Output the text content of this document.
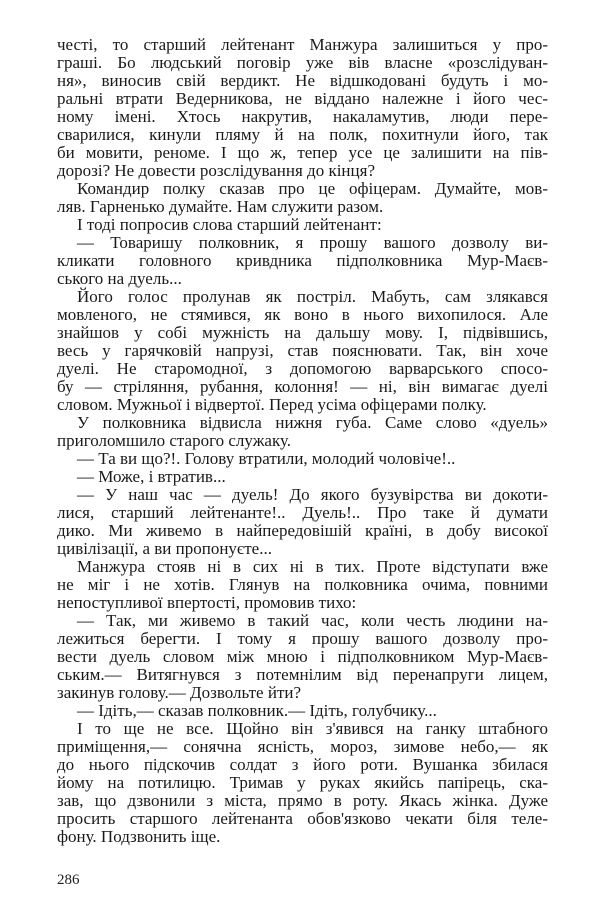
честі, то старший лейтенант Манжура залишиться у про-
граші. Бо людський поговір уже вів власне «розслідуван-
ня», виносив свій вердикт. Не відшкодовані будуть і мо-
ральні втрати Ведерникова, не віддано належне і його чес-
ному імені. Хтось накрутив, накаламутив, люди пере-
сварилися, кинули пляму й на полк, похитнули його, так
би мовити, реноме. І що ж, тепер усе це залишити на пів-
дорозі? Не довести розслідування до кінця?
Командир полку сказав про це офіцерам. Думайте, мов-
ляв. Гарненько думайте. Нам служити разом.
І тоді попросив слова старший лейтенант:
— Товаришу полковник, я прошу вашого дозволу ви-
кликати головного кривдника підполковника Мур-Маєв-
ського на дуель...
Його голос пролунав як постріл. Мабуть, сам злякався
мовленого, не стямився, як воно в нього вихопилося. Але
знайшов у собі мужність на дальшу мову. І, підвівшись,
весь у гарячковій напрузі, став пояснювати. Так, він хоче
дуелі. Не старомодної, з допомогою варварського спосо-
бу — стріляння, рубання, колоння! — ні, він вимагає дуелі
словом. Мужньої і відвертої. Перед усіма офіцерами полку.
У полковника відвисла нижня губа. Саме слово «дуель»
приголомшило старого служаку.
— Та ви що?!. Голову втратили, молодий чоловіче!..
— Може, і втратив...
— У наш час — дуель! До якого бузувірства ви докоти-
лися, старший лейтенанте!.. Дуель!.. Про таке й думати
дико. Ми живемо в найпередовішій країні, в добу високої
цивілізації, а ви пропонуєте...
Манжура стояв ні в сих ні в тих. Проте відступати вже
не міг і не хотів. Глянув на полковника очима, повними
непоступливої впертості, промовив тихо:
— Так, ми живемо в такий час, коли честь людини на-
лежиться берегти. І тому я прошу вашого дозволу про-
вести дуель словом між мною і підполковником Мур-Маєв-
ським.— Витягнувся з потемнілим від перенапруги лицем,
закинув голову.— Дозвольте йти?
— Ідіть,— сказав полковник.— Ідіть, голубчику...
І то ще не все. Щойно він з'явився на ганку штабного
приміщення,— сонячна ясність, мороз, зимове небо,— як
до нього підскочив солдат з його роти. Вушанка збилася
йому на потилицю. Тримав у руках якийсь папірець, ска-
зав, що дзвонили з міста, прямо в роту. Якась жінка. Дуже
просить старшого лейтенанта обов'язково чекати біля теле-
фону. Подзвонить іще.
286
